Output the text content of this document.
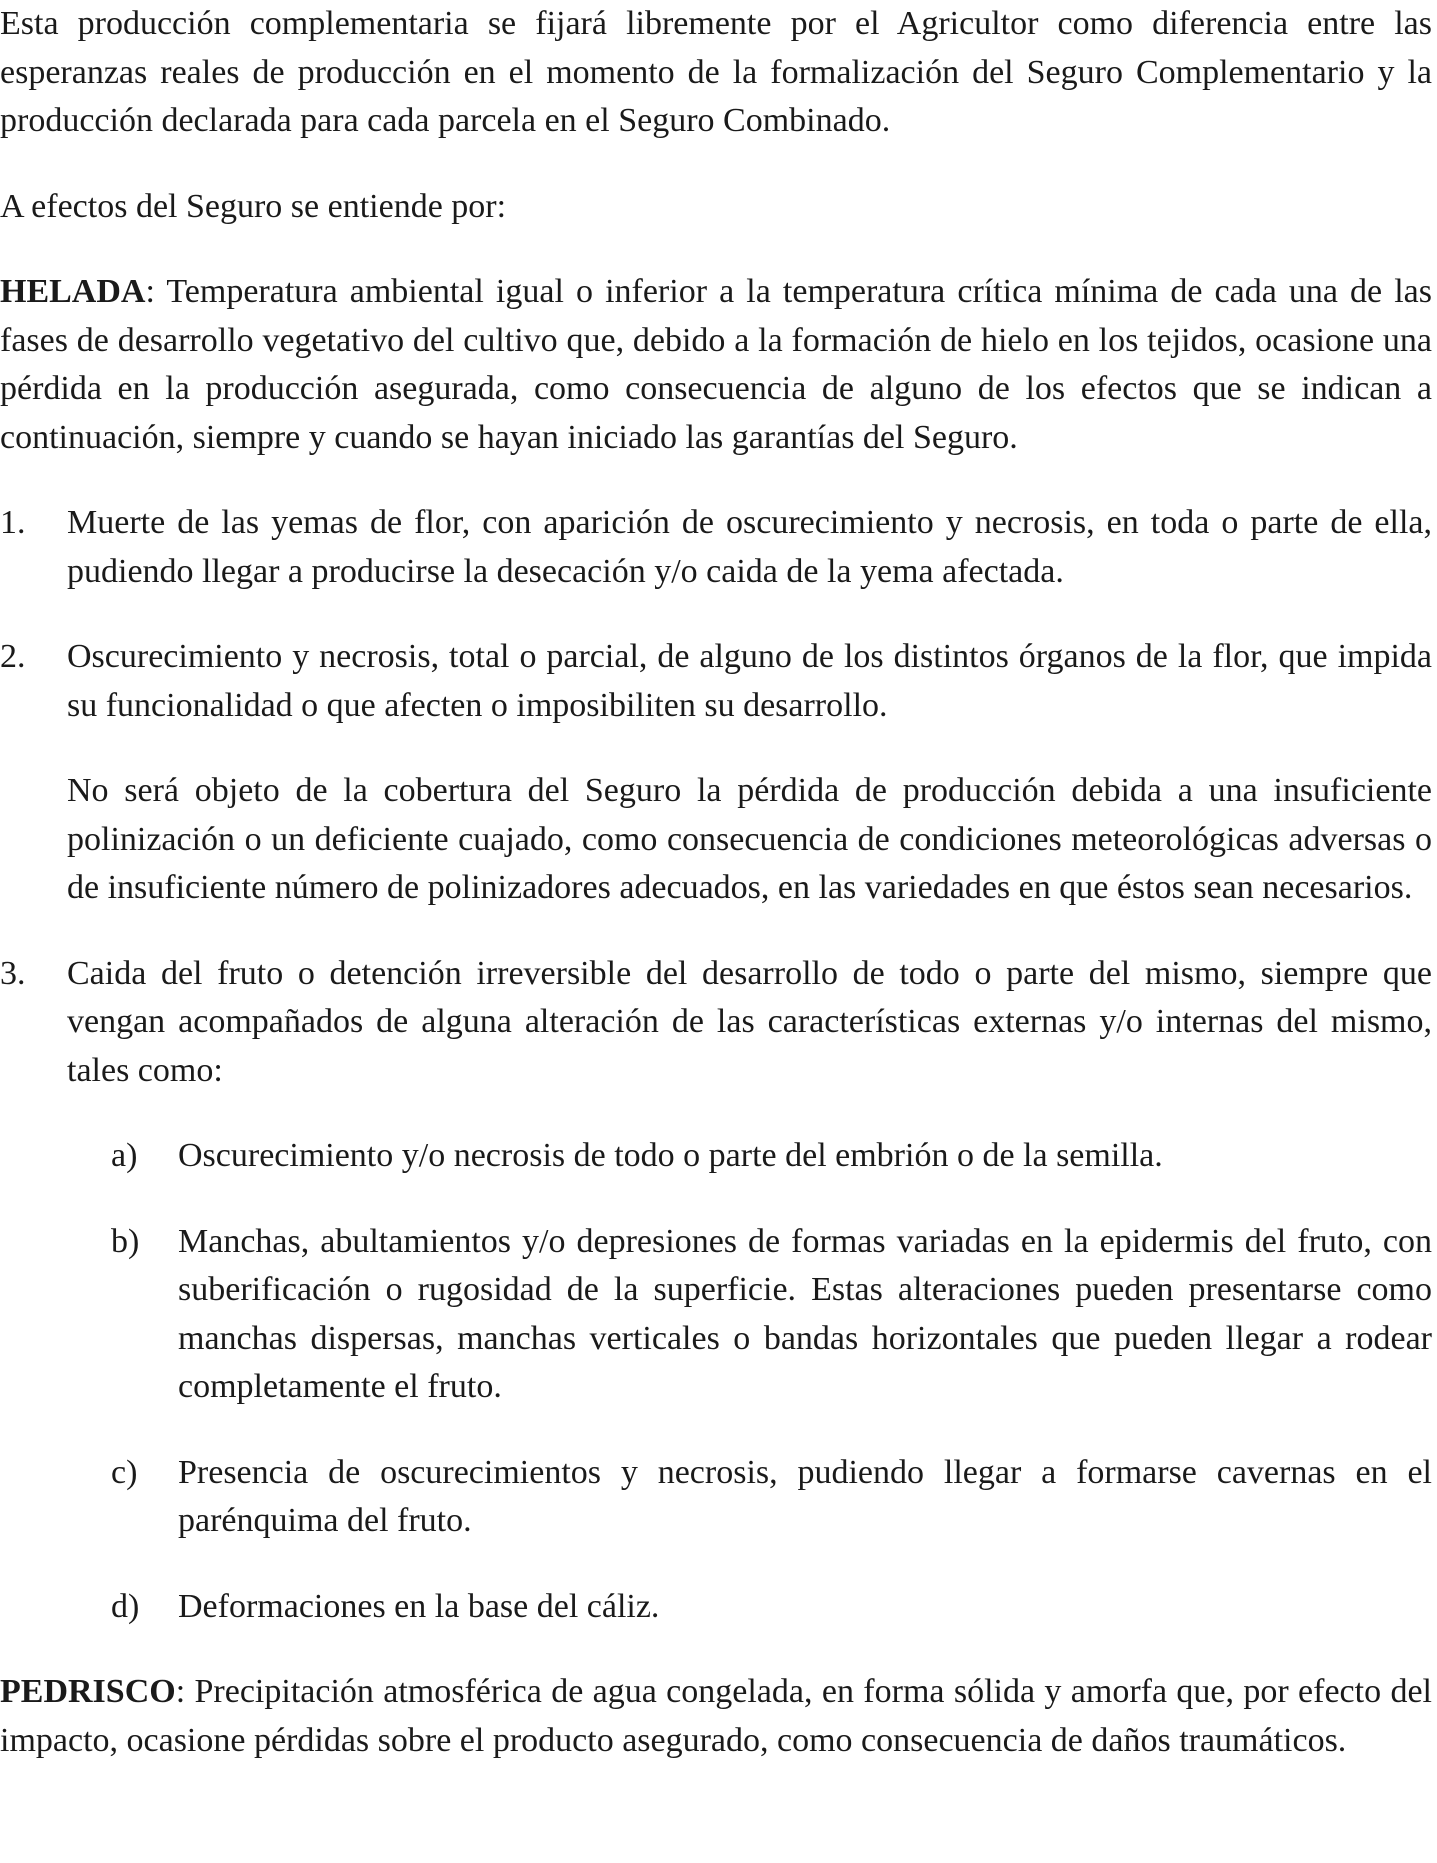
Esta producción complementaria se fijará libremente por el Agricultor como diferencia entre las esperanzas reales de producción en el momento de la formalización del Seguro Complementario y la producción declarada para cada parcela en el Seguro Combinado.

A efectos del Seguro se entiende por:

HELADA: Temperatura ambiental igual o inferior a la temperatura crítica mínima de cada una de las fases de desarrollo vegetativo del cultivo que, debido a la formación de hielo en los tejidos, ocasione una pérdida en la producción asegurada, como consecuencia de alguno de los efectos que se indican a continuación, siempre y cuando se hayan iniciado las garantías del Seguro.

1. Muerte de las yemas de flor, con aparición de oscurecimiento y necrosis, en toda o parte de ella, pudiendo llegar a producirse la desecación y/o caida de la yema afectada.

2. Oscurecimiento y necrosis, total o parcial, de alguno de los distintos órganos de la flor, que impida su funcionalidad o que afecten o imposibiliten su desarrollo.

No será objeto de la cobertura del Seguro la pérdida de producción debida a una insuficiente polinización o un deficiente cuajado, como consecuencia de condiciones meteorológicas adversas o de insuficiente número de polinizadores adecuados, en las variedades en que éstos sean necesarios.

3. Caida del fruto o detención irreversible del desarrollo de todo o parte del mismo, siempre que vengan acompañados de alguna alteración de las características externas y/o internas del mismo, tales como:

a) Oscurecimiento y/o necrosis de todo o parte del embrión o de la semilla.

b) Manchas, abultamientos y/o depresiones de formas variadas en la epidermis del fruto, con suberificación o rugosidad de la superficie. Estas alteraciones pueden presentarse como manchas dispersas, manchas verticales o bandas horizontales que pueden llegar a rodear completamente el fruto.

c) Presencia de oscurecimientos y necrosis, pudiendo llegar a formarse cavernas en el parénquima del fruto.

d) Deformaciones en la base del cáliz.

PEDRISCO: Precipitación atmosférica de agua congelada, en forma sólida y amorfa que, por efecto del impacto, ocasione pérdidas sobre el producto asegurado, como consecuencia de daños traumáticos.
